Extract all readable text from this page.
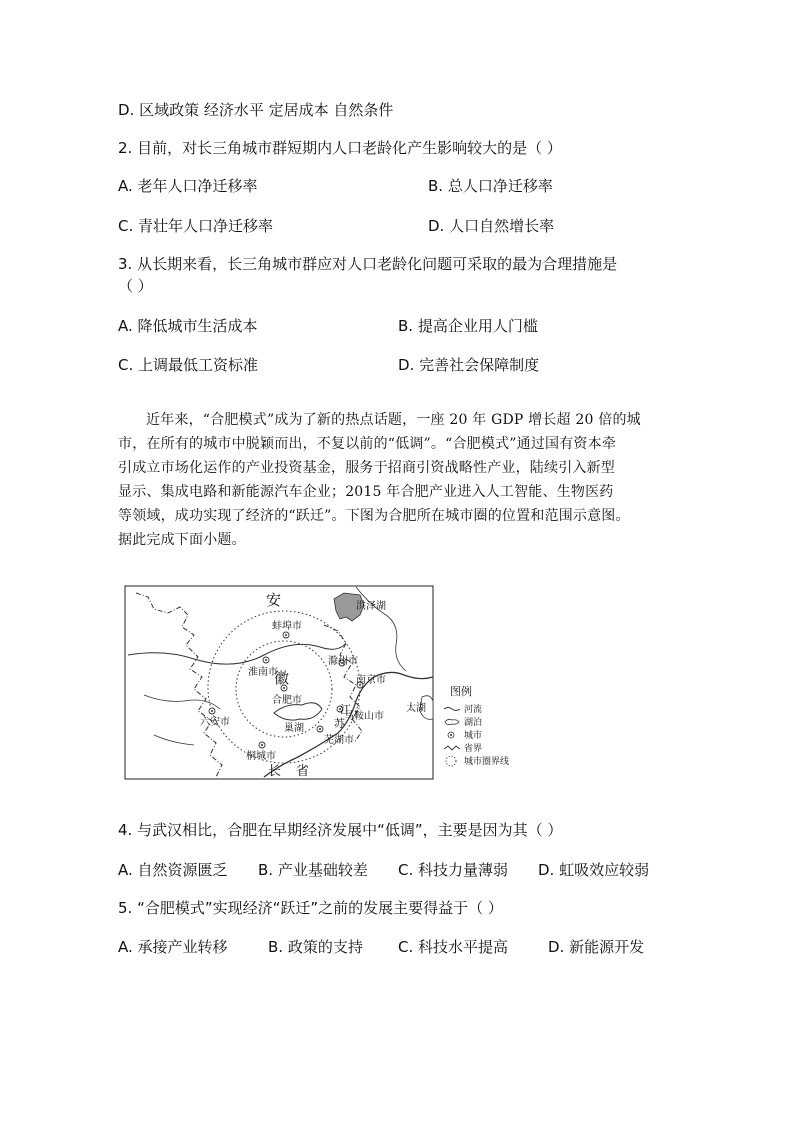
D. 区域政策 经济水平 定居成本 自然条件
2. 目前，对长三角城市群短期内人口老龄化产生影响较大的是（ ）
A. 老年人口净迁移率	B. 总人口净迁移率
C. 青壮年人口净迁移率	D. 人口自然增长率
3. 从长期来看，长三角城市群应对人口老龄化问题可采取的最为合理措施是
（ ）
A. 降低城市生活成本	B. 提高企业用人门槛
C. 上调最低工资标准	D. 完善社会保障制度

近年来，“合肥模式”成为了新的热点话题，一座 20 年 GDP 增长超 20 倍的城

市，在所有的城市中脱颖而出，不复以前的“低调”。“合肥模式”通过国有资本牵

引成立市场化运作的产业投资基金，服务于招商引资战略性产业，陆续引入新型

显示、集成电路和新能源汽车企业；2015 年合肥产业进入人工智能、生物医药

等领域，成功实现了经济的“跃迁”。下图为合肥所在城市圈的位置和范围示意图。

据此完成下面小题。

安
徽
长 省
江
苏
洪泽湖
蚌埠市
淮南市
滁州市
南京市
合肥市
巢湖
马鞍山市
太湖
六安市
芜湖市
桐城市
图例
河流
湖泊
城市
省界
城市圈界线
4. 与武汉相比，合肥在早期经济发展中“低调”，主要是因为其（ ）
A. 自然资源匮乏 B. 产业基础较差 C. 科技力量薄弱 D. 虹吸效应较弱
5. “合肥模式”实现经济“跃迁”之前的发展主要得益于（ ）
A. 承接产业转移	B. 政策的支持 C. 科技水平提高	D. 新能源开发
